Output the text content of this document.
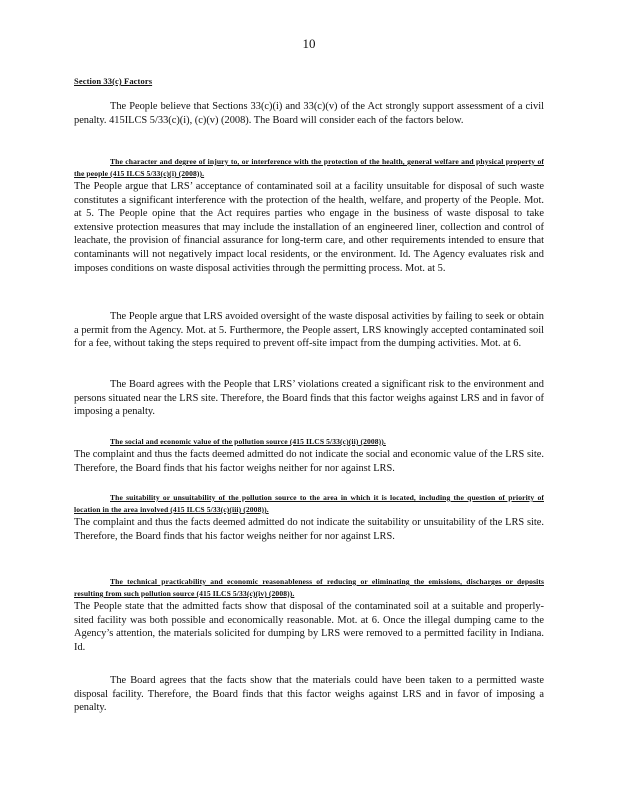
10
Section 33(c) Factors

The People believe that Sections 33(c)(i) and 33(c)(v) of the Act strongly support assessment of a civil penalty. 415ILCS 5/33(c)(i), (c)(v) (2008). The Board will consider each of the factors below.

The character and degree of injury to, or interference with the protection of the health, general welfare and physical property of the people (415 ILCS 5/33(c)(i) (2008)).
The People argue that LRS’ acceptance of contaminated soil at a facility unsuitable for disposal of such waste constitutes a significant interference with the protection of the health, welfare, and property of the People. Mot. at 5. The People opine that the Act requires parties who engage in the business of waste disposal to take extensive protection measures that may include the installation of an engineered liner, collection and control of leachate, the provision of financial assurance for long-term care, and other requirements intended to ensure that contaminants will not negatively impact local residents, or the environment. Id. The Agency evaluates risk and imposes conditions on waste disposal activities through the permitting process. Mot. at 5.

The People argue that LRS avoided oversight of the waste disposal activities by failing to seek or obtain a permit from the Agency. Mot. at 5. Furthermore, the People assert, LRS knowingly accepted contaminated soil for a fee, without taking the steps required to prevent off-site impact from the dumping activities. Mot. at 6.

The Board agrees with the People that LRS’ violations created a significant risk to the environment and persons situated near the LRS site. Therefore, the Board finds that this factor weighs against LRS and in favor of imposing a penalty.

The social and economic value of the pollution source (415 ILCS 5/33(c)(ii) (2008)).
The complaint and thus the facts deemed admitted do not indicate the social and economic value of the LRS site. Therefore, the Board finds that his factor weighs neither for nor against LRS.
The suitability or unsuitability of the pollution source to the area in which it is located, including the question of priority of location in the area involved (415 ILCS 5/33(c)(iii) (2008)).
The complaint and thus the facts deemed admitted do not indicate the suitability or unsuitability of the LRS site. Therefore, the Board finds that his factor weighs neither for nor against LRS.
The technical practicability and economic reasonableness of reducing or eliminating the emissions, discharges or deposits resulting from such pollution source (415 ILCS 5/33(c)(iv) (2008)).
The People state that the admitted facts show that disposal of the contaminated soil at a suitable and properly-sited facility was both possible and economically reasonable. Mot. at 6. Once the illegal dumping came to the Agency’s attention, the materials solicited for dumping by LRS were removed to a permitted facility in Indiana. Id.

The Board agrees that the facts show that the materials could have been taken to a permitted waste disposal facility. Therefore, the Board finds that this factor weighs against LRS and in favor of imposing a penalty.
